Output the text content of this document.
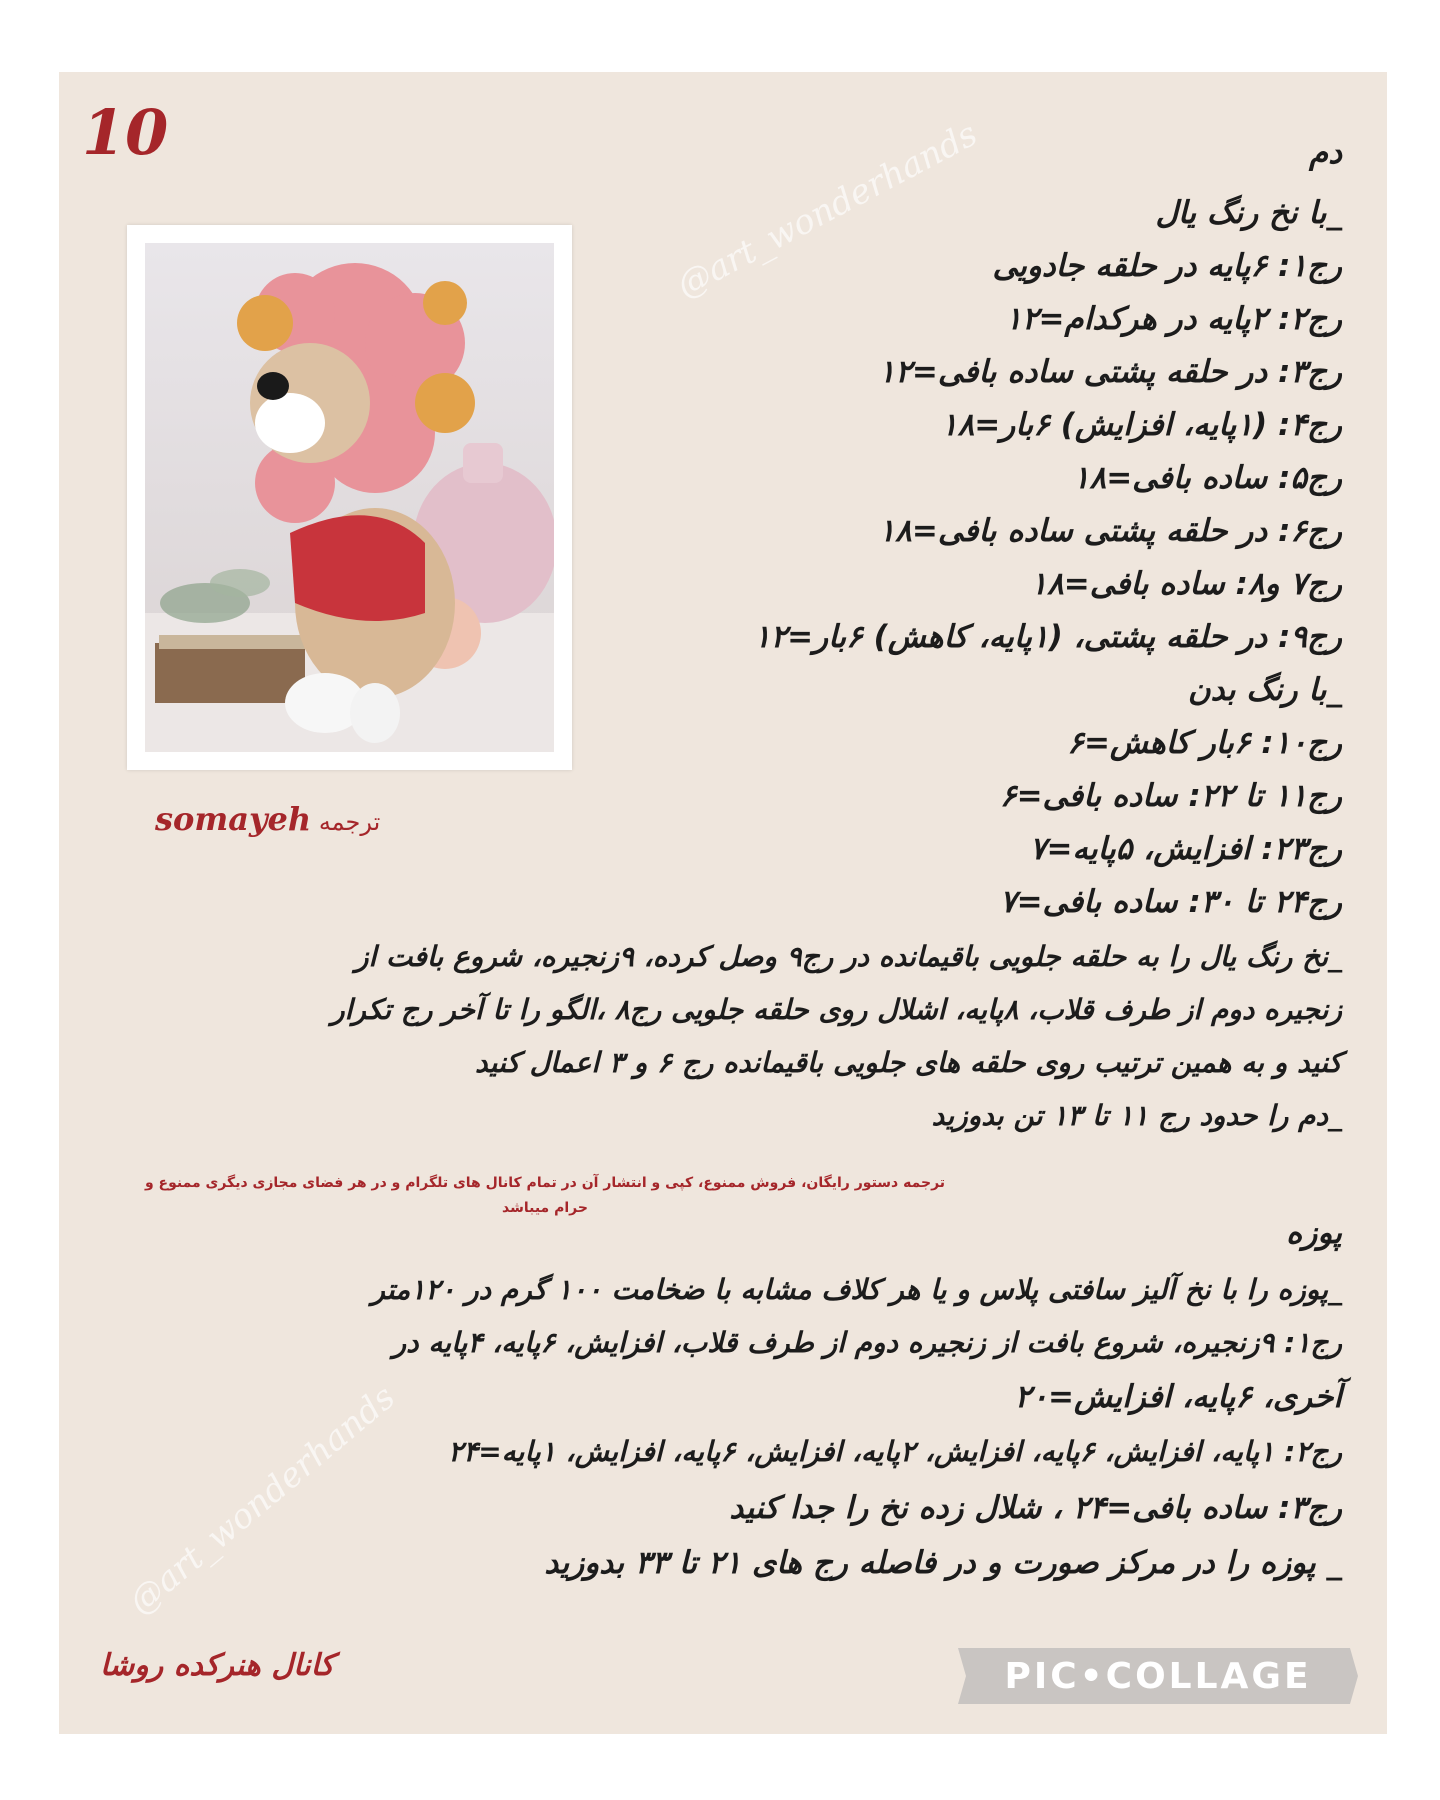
10	@art_wonderhands
@art_wonderhands
ترجمه somayeh
دم
_با نخ رنگ یال
رج۱: ۶پایه در حلقه جادویی
رج۲: ۲پایه در هرکدام=۱۲
رج۳: در حلقه پشتی ساده بافی=۱۲
رج۴: (۱پایه، افزایش) ۶بار=۱۸
رج۵: ساده بافی=۱۸
رج۶: در حلقه پشتی ساده بافی=۱۸
رج۷ و۸: ساده بافی=۱۸
رج۹: در حلقه پشتی، (۱پایه، کاهش) ۶بار=۱۲
_با رنگ بدن
رج۱۰: ۶بار کاهش=۶
رج۱۱ تا ۲۲: ساده بافی=۶
رج۲۳: افزایش، ۵پایه=۷
رج۲۴ تا ۳۰: ساده بافی=۷
_نخ رنگ یال را به حلقه جلویی باقیمانده در رج۹ وصل کرده، ۹زنجیره، شروع بافت از
زنجیره دوم از طرف قلاب، ۸پایه، اشلال روی حلقه جلویی رج۸ ،الگو را تا آخر رج تکرار
کنید و به همین ترتیب روی حلقه های جلویی باقیمانده رج ۶ و ۳ اعمال کنید
_دم را حدود رج ۱۱ تا ۱۳ تن بدوزید
ترجمه دستور رایگان، فروش ممنوع، کپی و انتشار آن در تمام کانال های تلگرام و در هر فضای مجازی دیگری ممنوع و
حرام میباشد
پوزه
_پوزه را با نخ آلیز سافتی پلاس و یا هر کلاف مشابه با ضخامت ۱۰۰ گرم در ۱۲۰متر
رج۱: ۹زنجیره، شروع بافت از زنجیره دوم از طرف قلاب، افزایش، ۶پایه، ۴پایه در
آخری، ۶پایه، افزایش=۲۰
رج۲: ۱پایه، افزایش، ۶پایه، افزایش، ۲پایه، افزایش، ۶پایه، افزایش، ۱پایه=۲۴
رج۳: ساده بافی=۲۴ ، شلال زده نخ را جدا کنید
_ پوزه را در مرکز صورت و در فاصله رج های ۲۱ تا ۳۳ بدوزید
کانال هنرکده روشا	PIC•COLLAGE
